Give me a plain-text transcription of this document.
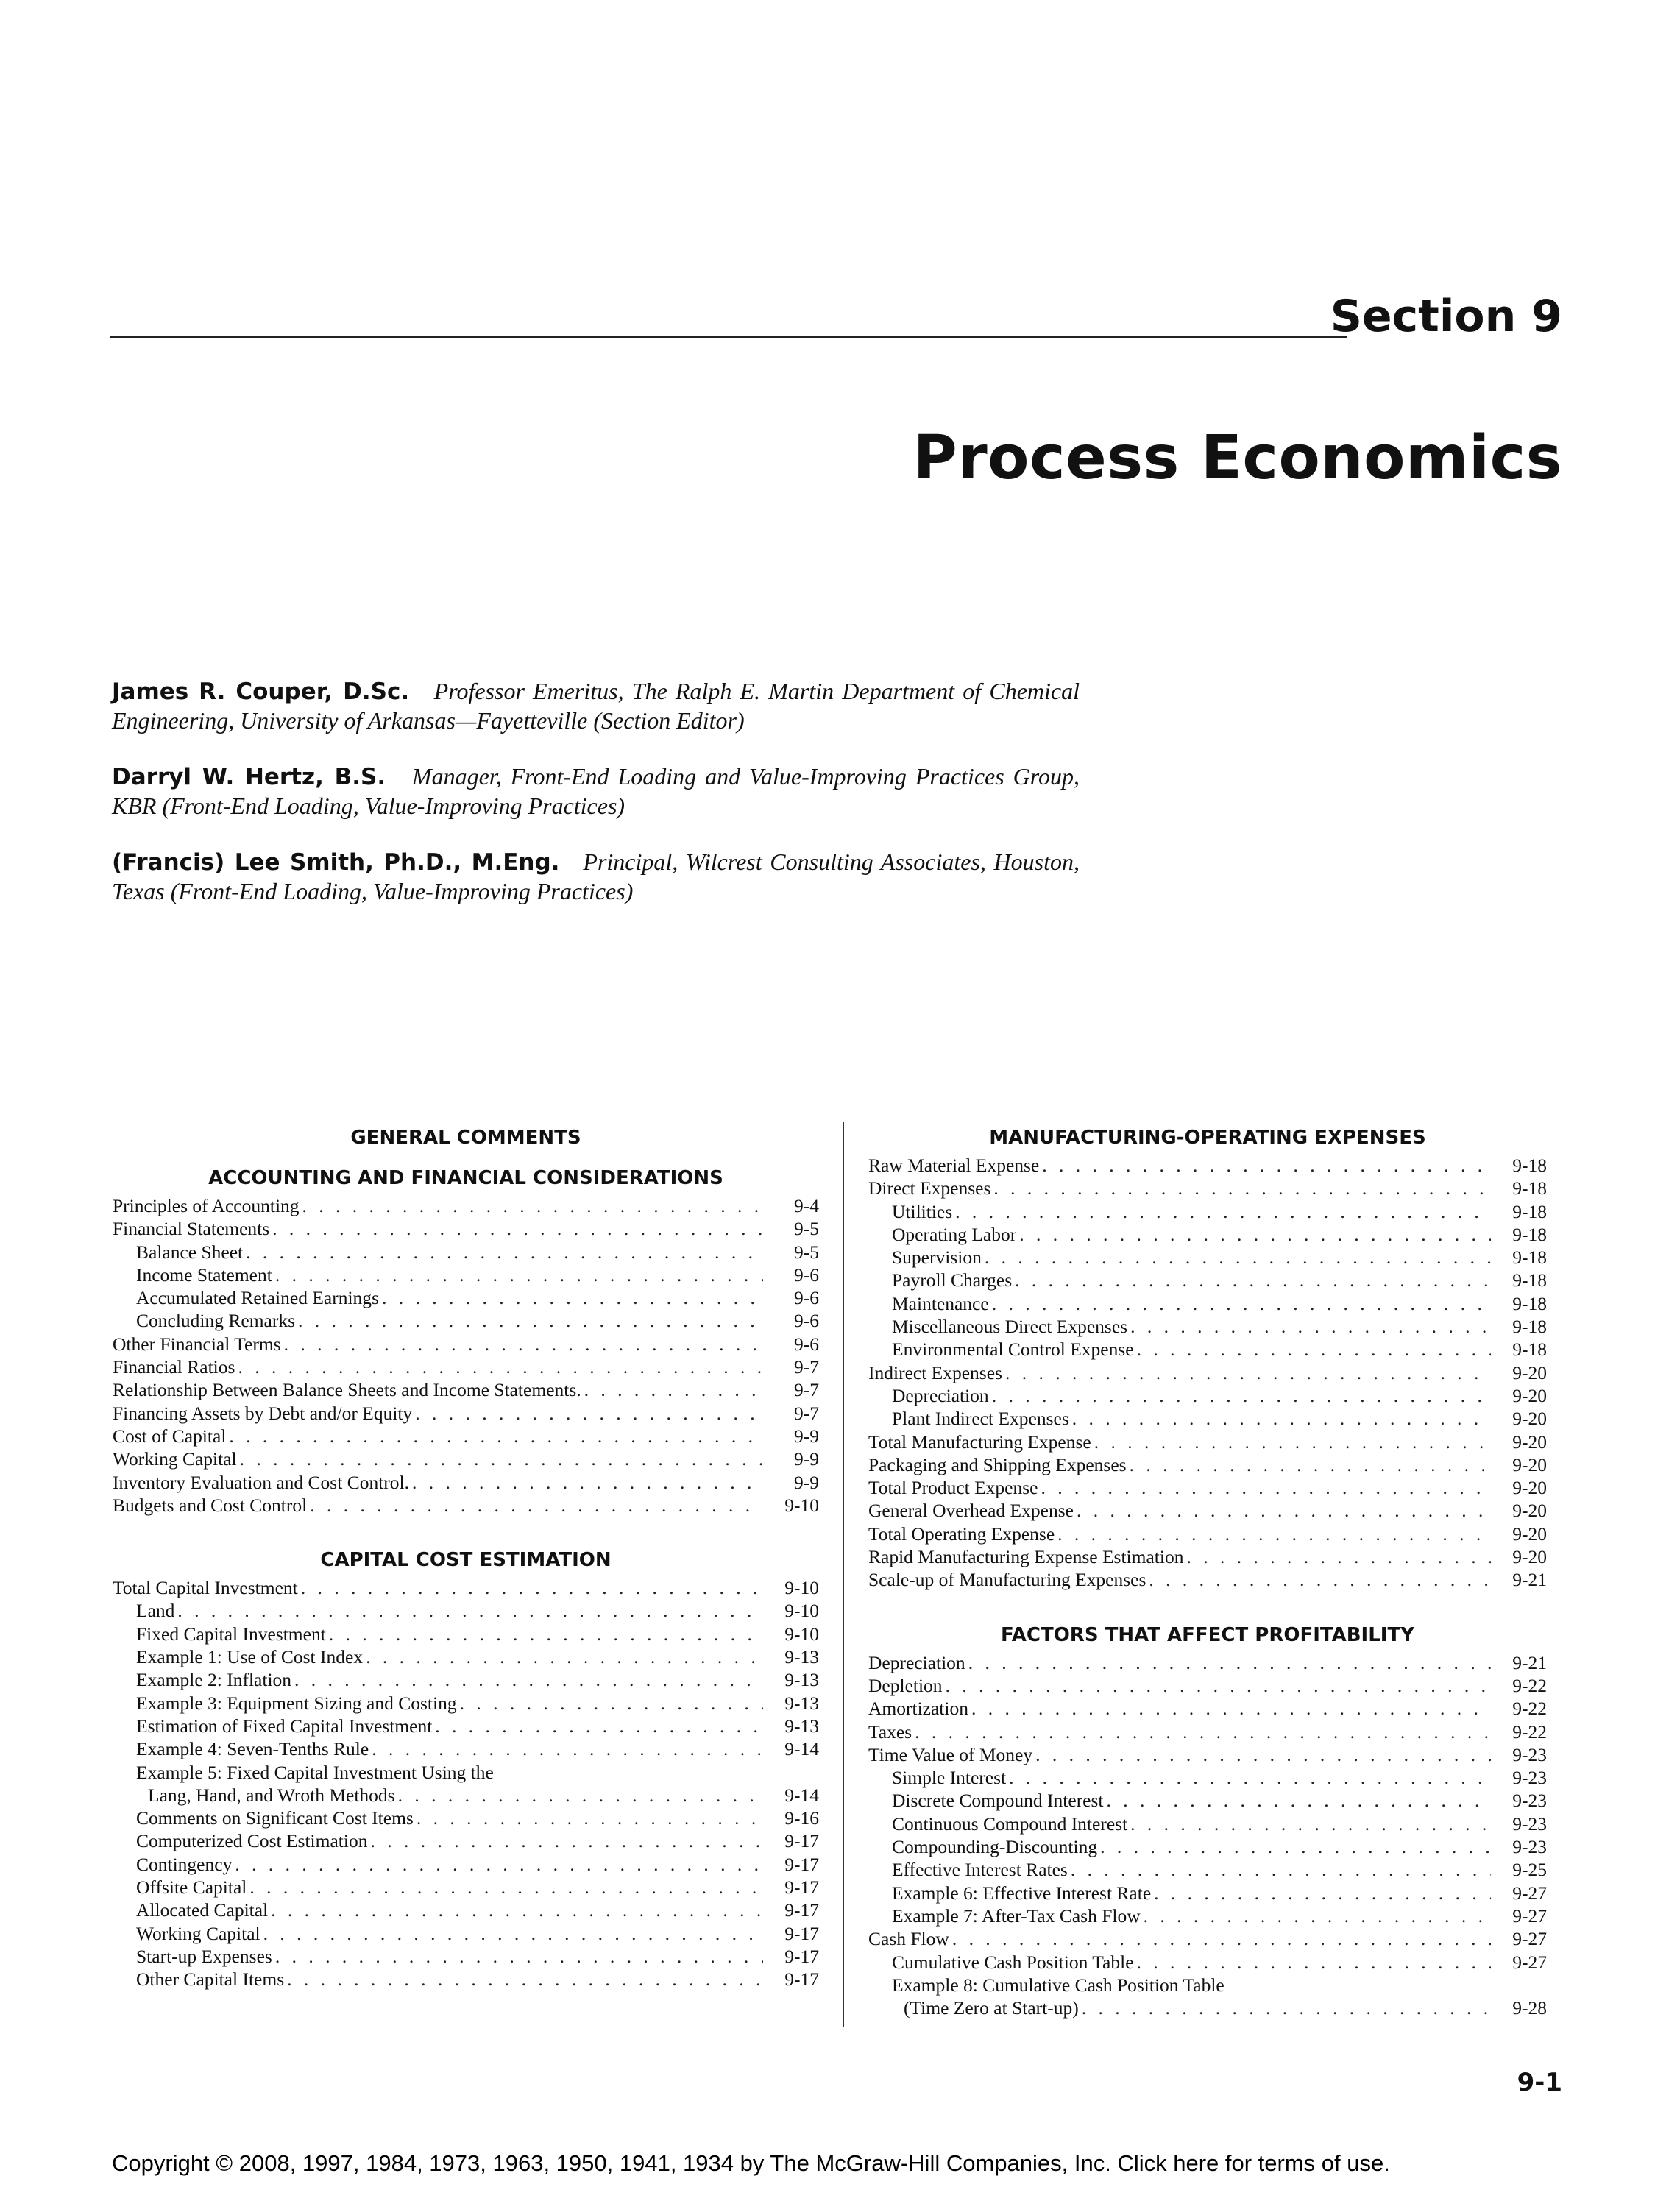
Section 9
Process Economics

James R. Couper, D.Sc. Professor Emeritus, The Ralph E. Martin Department of Chemical Engineering, University of Arkansas—Fayetteville (Section Editor)

Darryl W. Hertz, B.S. Manager, Front-End Loading and Value-Improving Practices Group, KBR (Front-End Loading, Value-Improving Practices)

(Francis) Lee Smith, Ph.D., M.Eng. Principal, Wilcrest Consulting Associates, Houston, Texas (Front-End Loading, Value-Improving Practices)

GENERAL COMMENTS
ACCOUNTING AND FINANCIAL CONSIDERATIONS
Principles of Accounting . . .	9-4
Financial Statements . . .	9-5
Balance Sheet . . .	9-5
Income Statement . . .	9-6
Accumulated Retained Earnings . . .	9-6
Concluding Remarks . . .	9-6
Other Financial Terms . . .	9-6
Financial Ratios . . .	9-7
Relationship Between Balance Sheets and Income Statements. . . .	9-7
Financing Assets by Debt and/or Equity . . .	9-7
Cost of Capital . . .	9-9
Working Capital . . .	9-9
Inventory Evaluation and Cost Control. . . .	9-9
Budgets and Cost Control . . .	9-10
CAPITAL COST ESTIMATION
Total Capital Investment . . .	9-10
Land . . .	9-10
Fixed Capital Investment . . .	9-10
Example 1: Use of Cost Index . . .	9-13
Example 2: Inflation . . .	9-13
Example 3: Equipment Sizing and Costing . . .	9-13
Estimation of Fixed Capital Investment . . .	9-13
Example 4: Seven-Tenths Rule . . .	9-14
Example 5: Fixed Capital Investment Using the
Lang, Hand, and Wroth Methods . . .	9-14
Comments on Significant Cost Items . . .	9-16
Computerized Cost Estimation . . .	9-17
Contingency . . .	9-17
Offsite Capital . . .	9-17
Allocated Capital . . .	9-17
Working Capital . . .	9-17
Start-up Expenses . . .	9-17
Other Capital Items . . .	9-17
MANUFACTURING-OPERATING EXPENSES
Raw Material Expense . . .	9-18
Direct Expenses . . .	9-18
Utilities . . .	9-18
Operating Labor . . .	9-18
Supervision . . .	9-18
Payroll Charges . . .	9-18
Maintenance . . .	9-18
Miscellaneous Direct Expenses . . .	9-18
Environmental Control Expense . . .	9-18
Indirect Expenses . . .	9-20
Depreciation . . .	9-20
Plant Indirect Expenses . . .	9-20
Total Manufacturing Expense . . .	9-20
Packaging and Shipping Expenses . . .	9-20
Total Product Expense . . .	9-20
General Overhead Expense . . .	9-20
Total Operating Expense . . .	9-20
Rapid Manufacturing Expense Estimation . . .	9-20
Scale-up of Manufacturing Expenses . . .	9-21
FACTORS THAT AFFECT PROFITABILITY
Depreciation . . .	9-21
Depletion . . .	9-22
Amortization . . .	9-22
Taxes . . .	9-22
Time Value of Money . . .	9-23
Simple Interest . . .	9-23
Discrete Compound Interest . . .	9-23
Continuous Compound Interest . . .	9-23
Compounding-Discounting . . .	9-23
Effective Interest Rates . . .	9-25
Example 6: Effective Interest Rate . . .	9-27
Example 7: After-Tax Cash Flow . . .	9-27
Cash Flow . . .	9-27
Cumulative Cash Position Table . . .	9-27
Example 8: Cumulative Cash Position Table
(Time Zero at Start-up) . . .	9-28
9-1
Copyright © 2008, 1997, 1984, 1973, 1963, 1950, 1941, 1934 by The McGraw-Hill Companies, Inc. Click here for terms of use.
